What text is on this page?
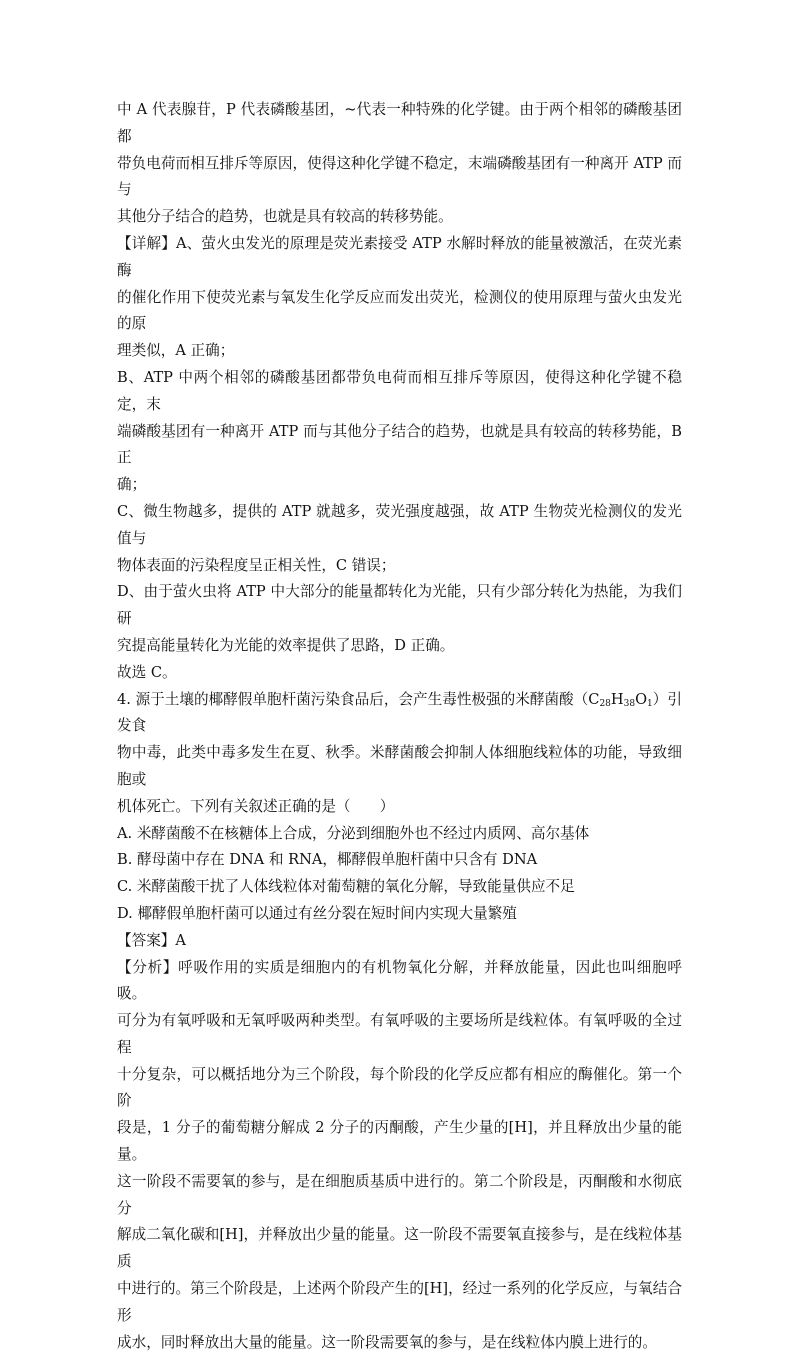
中 A 代表腺苷，P 代表磷酸基团，~代表一种特殊的化学键。由于两个相邻的磷酸基团都

带负电荷而相互排斥等原因，使得这种化学键不稳定，末端磷酸基团有一种离开 ATP 而与

其他分子结合的趋势，也就是具有较高的转移势能。

【详解】A、萤火虫发光的原理是荧光素接受 ATP 水解时释放的能量被激活，在荧光素酶

的催化作用下使荧光素与氧发生化学反应而发出荧光，检测仪的使用原理与萤火虫发光的原

理类似，A 正确；

B、ATP 中两个相邻的磷酸基团都带负电荷而相互排斥等原因，使得这种化学键不稳定，末

端磷酸基团有一种离开 ATP 而与其他分子结合的趋势，也就是具有较高的转移势能，B 正

确；

C、微生物越多，提供的 ATP 就越多，荧光强度越强，故 ATP 生物荧光检测仪的发光值与

物体表面的污染程度呈正相关性，C 错误；

D、由于萤火虫将 ATP 中大部分的能量都转化为光能，只有少部分转化为热能，为我们研

究提高能量转化为光能的效率提供了思路，D 正确。

故选 C。

4. 源于土壤的椰酵假单胞杆菌污染食品后，会产生毒性极强的米酵菌酸$(C_{28}H_{38}O_1)$引发食

物中毒，此类中毒多发生在夏、秋季。米酵菌酸会抑制人体细胞线粒体的功能，导致细胞或

机体死亡。下列有关叙述正确的是（　　）

A. 米酵菌酸不在核糖体上合成，分泌到细胞外也不经过内质网、高尔基体

B. 酵母菌中存在 DNA 和 RNA，椰酵假单胞杆菌中只含有 DNA

C. 米酵菌酸干扰了人体线粒体对葡萄糖的氧化分解，导致能量供应不足

D. 椰酵假单胞杆菌可以通过有丝分裂在短时间内实现大量繁殖

【答案】A

【分析】呼吸作用的实质是细胞内的有机物氧化分解，并释放能量，因此也叫细胞呼吸。

可分为有氧呼吸和无氧呼吸两种类型。有氧呼吸的主要场所是线粒体。有氧呼吸的全过程

十分复杂，可以概括地分为三个阶段，每个阶段的化学反应都有相应的酶催化。第一个阶

段是，1 分子的葡萄糖分解成 2 分子的丙酮酸，产生少量的[H]，并且释放出少量的能量。

这一阶段不需要氧的参与，是在细胞质基质中进行的。第二个阶段是，丙酮酸和水彻底分

解成二氧化碳和[H]，并释放出少量的能量。这一阶段不需要氧直接参与，是在线粒体基质

中进行的。第三个阶段是，上述两个阶段产生的[H]，经过一系列的化学反应，与氧结合形

成水，同时释放出大量的能量。这一阶段需要氧的参与，是在线粒体内膜上进行的。
